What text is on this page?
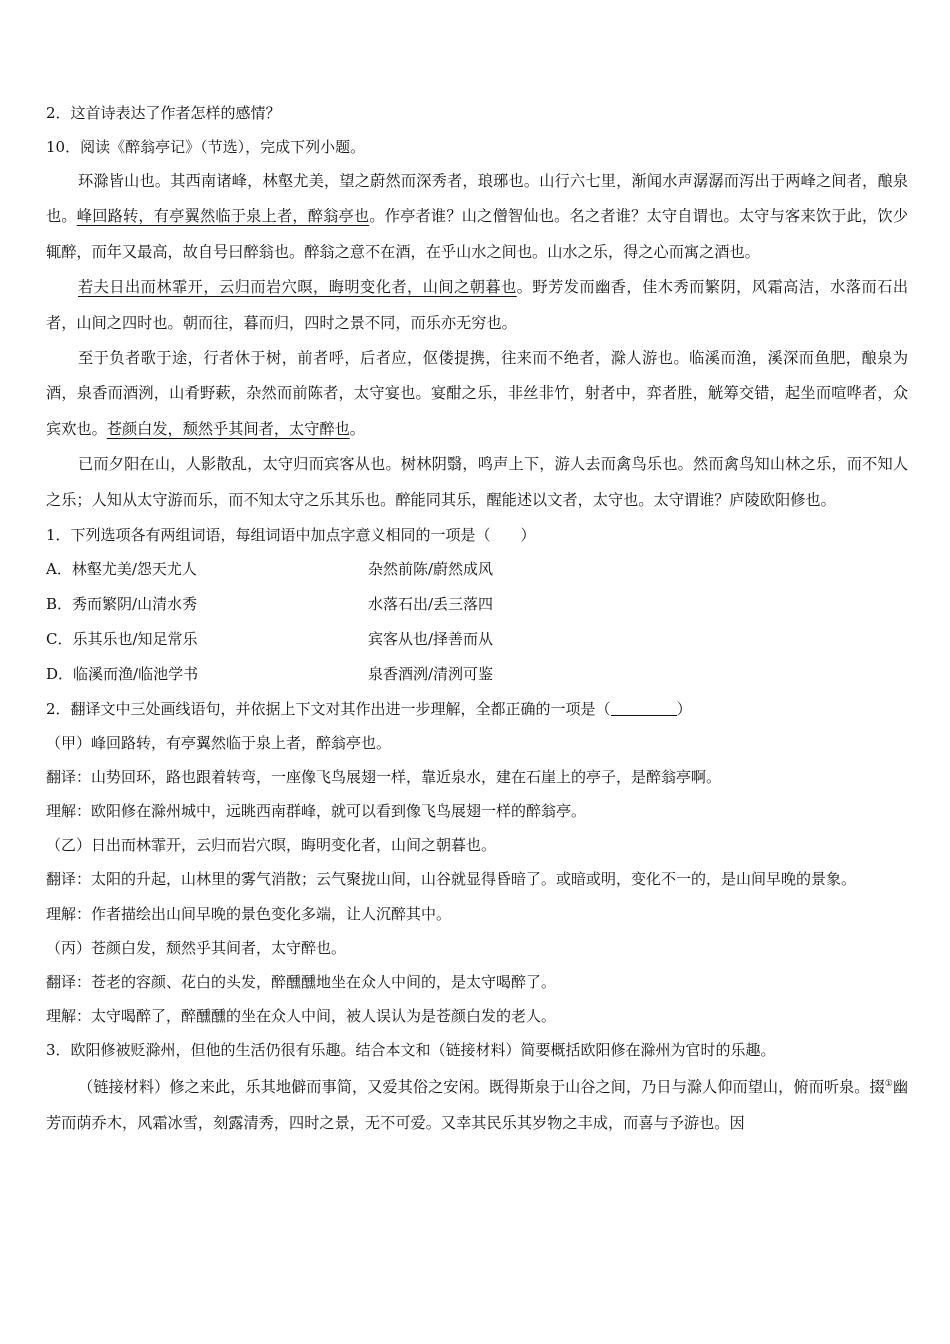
2．这首诗表达了作者怎样的感情？
10．阅读《醉翁亭记》（节选），完成下列小题。
环滁皆山也。其西南诸峰，林壑尤美，望之蔚然而深秀者，琅琊也。山行六七里，渐闻水声潺潺而泻出于两峰之间者，酿泉也。峰回路转，有亭翼然临于泉上者，醉翁亭也。作亭者谁？山之僧智仙也。名之者谁？太守自谓也。太守与客来饮于此，饮少辄醉，而年又最高，故自号曰醉翁也。醉翁之意不在酒，在乎山水之间也。山水之乐，得之心而寓之酒也。
若夫日出而林霏开，云归而岩穴暝，晦明变化者，山间之朝暮也。野芳发而幽香，佳木秀而繁阴，风霜高洁，水落而石出者，山间之四时也。朝而往，暮而归，四时之景不同，而乐亦无穷也。
至于负者歌于途，行者休于树，前者呼，后者应，伛偻提携，往来而不绝者，滁人游也。临溪而渔，溪深而鱼肥，酿泉为酒，泉香而酒洌，山肴野蔌，杂然而前陈者，太守宴也。宴酣之乐，非丝非竹，射者中，弈者胜，觥筹交错，起坐而喧哗者，众宾欢也。苍颜白发，颓然乎其间者，太守醉也。
已而夕阳在山，人影散乱，太守归而宾客从也。树林阴翳，鸣声上下，游人去而禽鸟乐也。然而禽鸟知山林之乐，而不知人之乐；人知从太守游而乐，而不知太守之乐其乐也。醉能同其乐，醒能述以文者，太守也。太守谓谁？庐陵欧阳修也。
1．下列选项各有两组词语，每组词语中加点字意义相同的一项是（　　）
A．林壑尤美/怨天尤人	杂然前陈/蔚然成风
B．秀而繁阴/山清水秀	水落石出/丢三落四
C．乐其乐也/知足常乐	宾客从也/择善而从
D．临溪而渔/临池学书	泉香酒洌/清洌可鉴
2．翻译文中三处画线语句，并依据上下文对其作出进一步理解，全都正确的一项是（	）
（甲）峰回路转，有亭翼然临于泉上者，醉翁亭也。
翻译：山势回环，路也跟着转弯，一座像飞鸟展翅一样，靠近泉水，建在石崖上的亭子，是醉翁亭啊。
理解：欧阳修在滁州城中，远眺西南群峰，就可以看到像飞鸟展翅一样的醉翁亭。
（乙）日出而林霏开，云归而岩穴暝，晦明变化者，山间之朝暮也。
翻译：太阳的升起，山林里的雾气消散；云气聚拢山间，山谷就显得昏暗了。或暗或明，变化不一的，是山间早晚的景象。
理解：作者描绘出山间早晚的景色变化多端，让人沉醉其中。
（丙）苍颜白发，颓然乎其间者，太守醉也。
翻译：苍老的容颜、花白的头发，醉醺醺地坐在众人中间的，是太守喝醉了。
理解：太守喝醉了，醉醺醺的坐在众人中间，被人误认为是苍颜白发的老人。
3．欧阳修被贬滁州，但他的生活仍很有乐趣。结合本文和（链接材料）简要概括欧阳修在滁州为官时的乐趣。
（链接材料）修之来此，乐其地僻而事简，又爱其俗之安闲。既得斯泉于山谷之间，乃日与滁人仰而望山，俯而听泉。掇①幽芳而荫乔木，风霜冰雪，刻露清秀，四时之景，无不可爱。又幸其民乐其岁物之丰成，而喜与予游也。因
